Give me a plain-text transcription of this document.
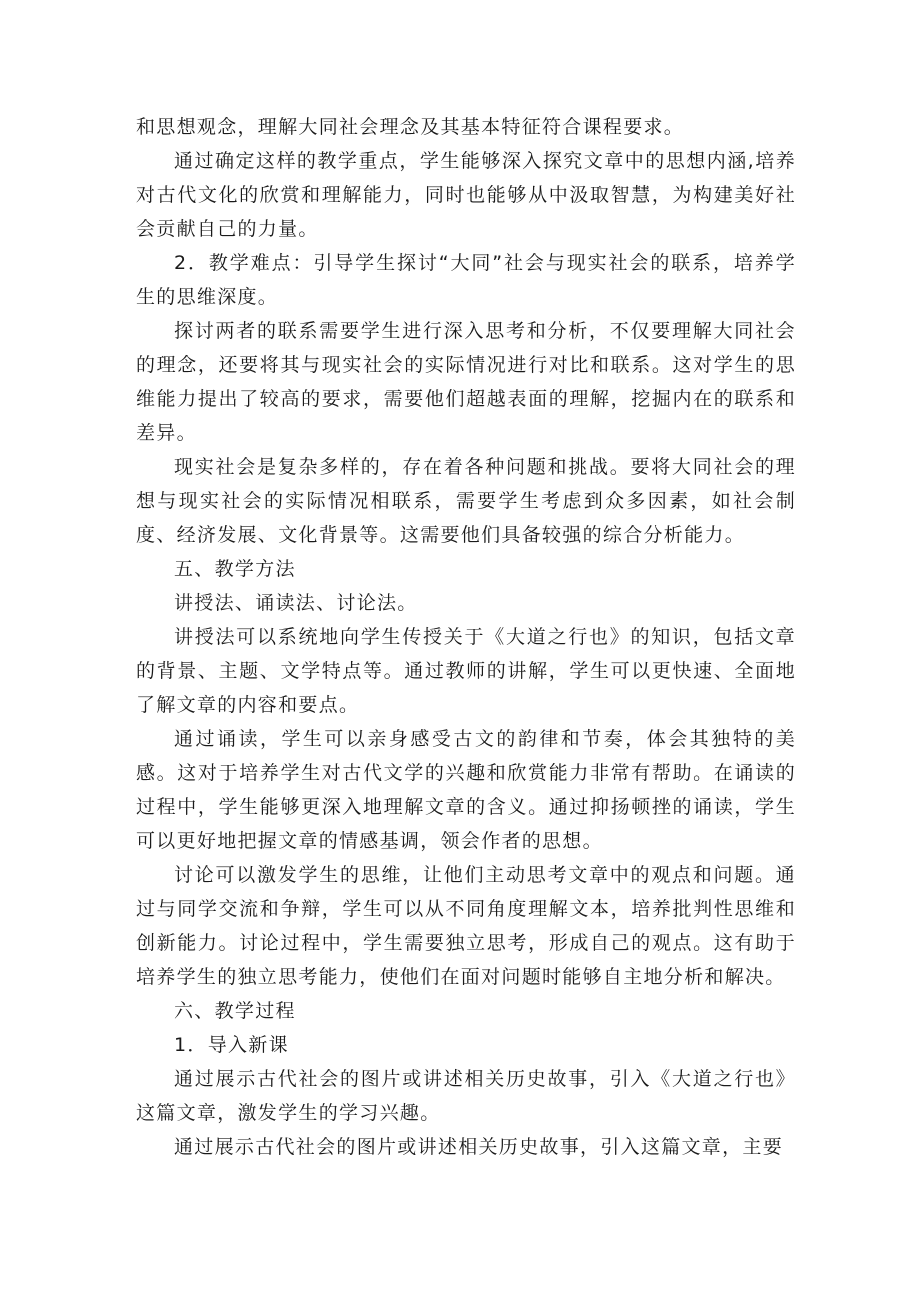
和思想观念，理解大同社会理念及其基本特征符合课程要求。

通过确定这样的教学重点，学生能够深入探究文章中的思想内涵,培养对古代文化的欣赏和理解能力，同时也能够从中汲取智慧，为构建美好社会贡献自己的力量。

2．教学难点：引导学生探讨“大同”社会与现实社会的联系，培养学生的思维深度。

探讨两者的联系需要学生进行深入思考和分析，不仅要理解大同社会的理念，还要将其与现实社会的实际情况进行对比和联系。这对学生的思维能力提出了较高的要求，需要他们超越表面的理解，挖掘内在的联系和差异。

现实社会是复杂多样的，存在着各种问题和挑战。要将大同社会的理想与现实社会的实际情况相联系，需要学生考虑到众多因素，如社会制度、经济发展、文化背景等。这需要他们具备较强的综合分析能力。

五、教学方法

讲授法、诵读法、讨论法。

讲授法可以系统地向学生传授关于《大道之行也》的知识，包括文章的背景、主题、文学特点等。通过教师的讲解，学生可以更快速、全面地了解文章的内容和要点。

通过诵读，学生可以亲身感受古文的韵律和节奏，体会其独特的美感。这对于培养学生对古代文学的兴趣和欣赏能力非常有帮助。在诵读的过程中，学生能够更深入地理解文章的含义。通过抑扬顿挫的诵读，学生可以更好地把握文章的情感基调，领会作者的思想。

讨论可以激发学生的思维，让他们主动思考文章中的观点和问题。通过与同学交流和争辩，学生可以从不同角度理解文本，培养批判性思维和创新能力。讨论过程中，学生需要独立思考，形成自己的观点。这有助于培养学生的独立思考能力，使他们在面对问题时能够自主地分析和解决。

六、教学过程

1．导入新课

通过展示古代社会的图片或讲述相关历史故事，引入《大道之行也》这篇文章，激发学生的学习兴趣。

通过展示古代社会的图片或讲述相关历史故事，引入这篇文章，主要
